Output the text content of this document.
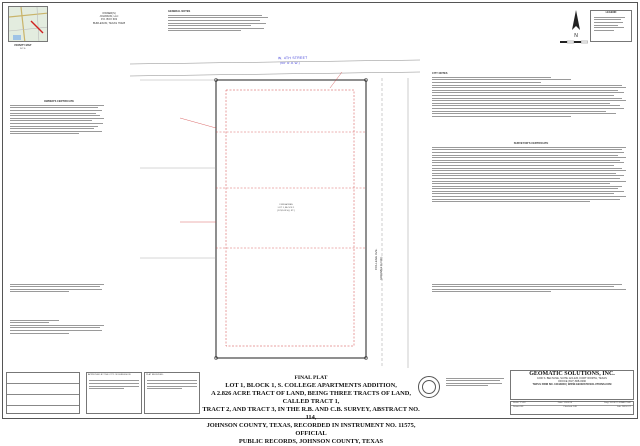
VICINITY MAP
N.T.S.
OWNER(S)
JOHNSON, LLC
P.O. BOX 603
BURLESON, TEXAS 76028
GENERAL NOTES	LEGEND
N
W. 4TH STREET
(60' R.O.W.)
COLLEGE AVE. (VARIABLE R.O.W.)
2.826 ACRES
LOT 1, BLOCK 1
(123,103 SQ. FT.)
OWNER'S CERTIFICATE
CITY NOTES
SURVEYOR'S CERTIFICATE
APPROVED BY THE CITY OF BURLESON	PLAT RECEIVED:	FINAL PLAT
LOT 1, BLOCK 1, S. COLLEGE APARTMENTS ADDITION,
A 2.826 ACRE TRACT OF LAND, BEING THREE TRACTS OF LAND, CALLED TRACT 1,
TRACT 2, AND TRACT 3, IN THE R.B. AND C.B. SURVEY, ABSTRACT NO. 114,
JOHNSON COUNTY, TEXAS, RECORDED IN INSTRUMENT NO. 11575, OFFICIAL
PUBLIC RECORDS, JOHNSON COUNTY, TEXAS
GEOMATIC SOLUTIONS, INC.
1600 S. BELTLINE, SUITE 124-226, FORT WORTH, TEXAS
OFFICE (817) 808-0390
TBPLS FIRM NO. 10193848 | WWW.GEOMATICSOLUTIONS.COM
Scale: 1"=30'	Date: 12/03/19	Dwg: 2019F77-FINAL PLAT
Drawn: RF	Checked: SJK	Job: 2019-177
